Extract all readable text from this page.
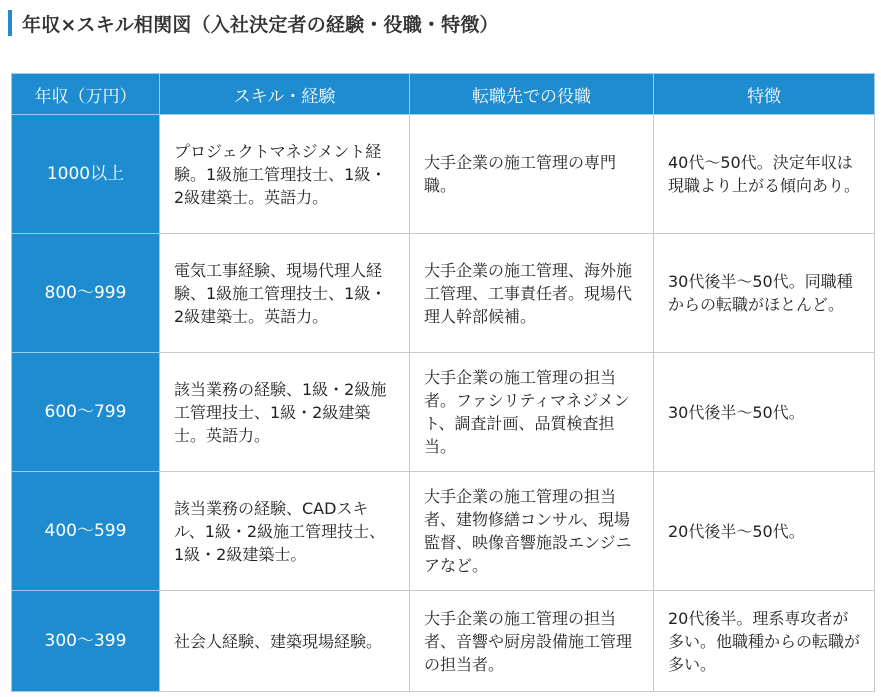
年収×スキル相関図（入社決定者の経験・役職・特徴）
年収（万円）	スキル・経験	転職先での役職	特徴
1000以上	プロジェクトマネジメント経験。1級施工管理技士、1級・2級建築士。英語力。	大手企業の施工管理の専門職。	40代～50代。決定年収は現職より上がる傾向あり。
800～999	電気工事経験、現場代理人経験、1級施工管理技士、1級・2級建築士。英語力。	大手企業の施工管理、海外施工管理、工事責任者。現場代理人幹部候補。	30代後半～50代。同職種からの転職がほとんど。
600～799	該当業務の経験、1級・2級施工管理技士、1級・2級建築士。英語力。	大手企業の施工管理の担当者。ファシリティマネジメント、調査計画、品質検査担当。	30代後半～50代。
400～599	該当業務の経験、CADスキル、1級・2級施工管理技士、1級・2級建築士。	大手企業の施工管理の担当者、建物修繕コンサル、現場監督、映像音響施設エンジニアなど。	20代後半～50代。
300～399	社会人経験、建築現場経験。	大手企業の施工管理の担当者、音響や厨房設備施工管理の担当者。	20代後半。理系専攻者が多い。他職種からの転職が多い。
